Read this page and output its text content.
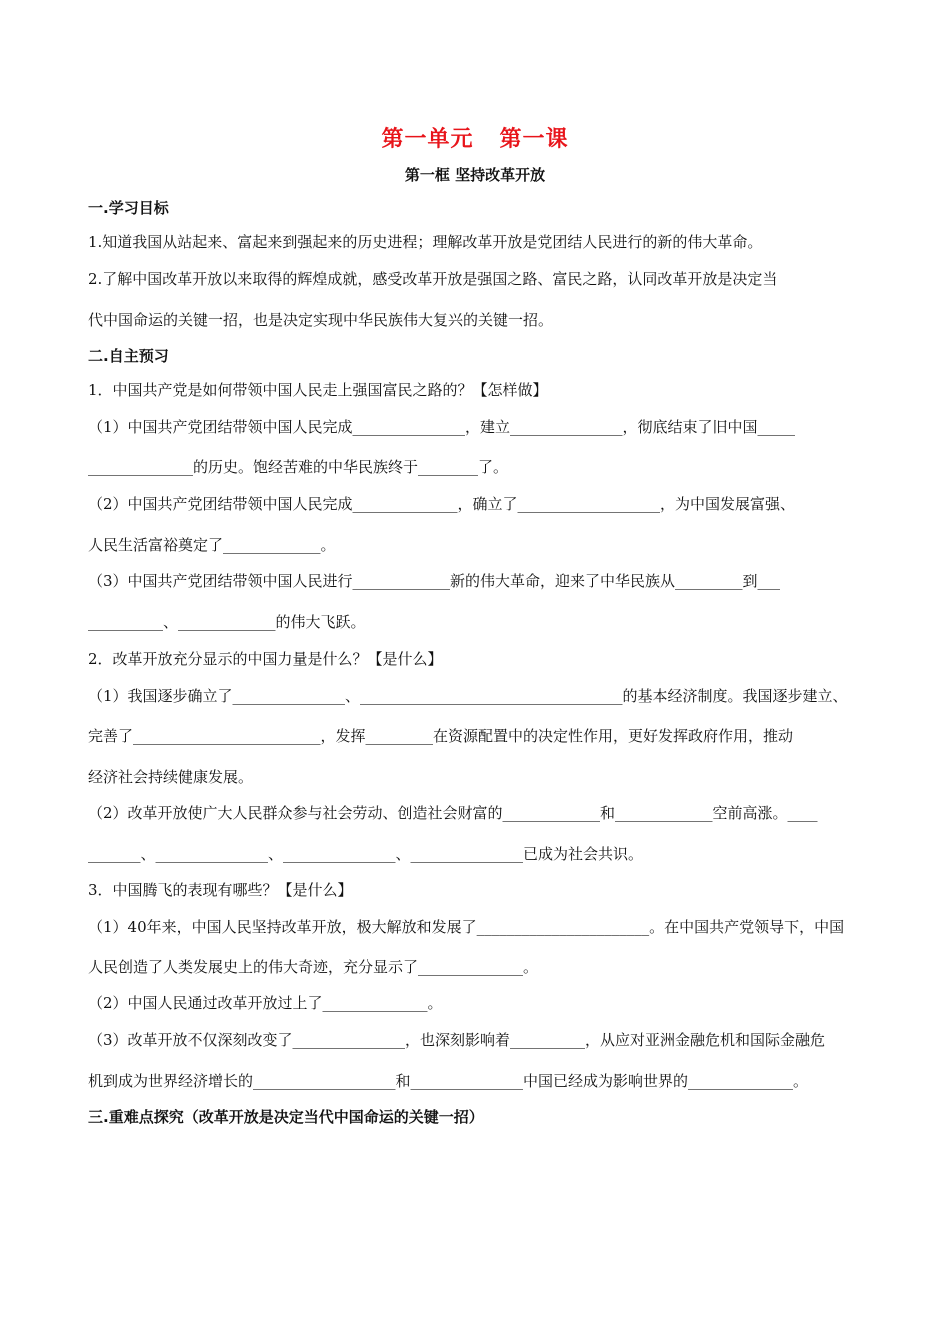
第一单元   第一课
第一框 坚持改革开放
一.学习目标
1.知道我国从站起来、富起来到强起来的历史进程；理解改革开放是党团结人民进行的新的伟大革命。
2.了解中国改革开放以来取得的辉煌成就，感受改革开放是强国之路、富民之路，认同改革开放是决定当
代中国命运的关键一招，也是决定实现中华民族伟大复兴的关键一招。
二.自主预习
1．中国共产党是如何带领中国人民走上强国富民之路的？【怎样做】
（1）中国共产党团结带领中国人民完成_______________，建立_______________，彻底结束了旧中国_____
______________的历史。饱经苦难的中华民族终于________了。
（2）中国共产党团结带领中国人民完成______________，确立了___________________，为中国发展富强、
人民生活富裕奠定了_____________。
（3）中国共产党团结带领中国人民进行_____________新的伟大革命，迎来了中华民族从_________到___
__________、_____________的伟大飞跃。
2．改革开放充分显示的中国力量是什么？【是什么】
（1）我国逐步确立了_______________、___________________________________的基本经济制度。我国逐步建立、
完善了_________________________，发挥_________在资源配置中的决定性作用，更好发挥政府作用，推动
经济社会持续健康发展。
（2）改革开放使广大人民群众参与社会劳动、创造社会财富的_____________和_____________空前高涨。____
_______、_______________、_______________、_______________已成为社会共识。
3．中国腾飞的表现有哪些？【是什么】
（1）40年来，中国人民坚持改革开放，极大解放和发展了_______________________。在中国共产党领导下，中国
人民创造了人类发展史上的伟大奇迹，充分显示了______________。
（2）中国人民通过改革开放过上了______________。
（3）改革开放不仅深刻改变了_______________，也深刻影响着__________，从应对亚洲金融危机和国际金融危
机到成为世界经济增长的___________________和_______________中国已经成为影响世界的______________。
三.重难点探究（改革开放是决定当代中国命运的关键一招）
